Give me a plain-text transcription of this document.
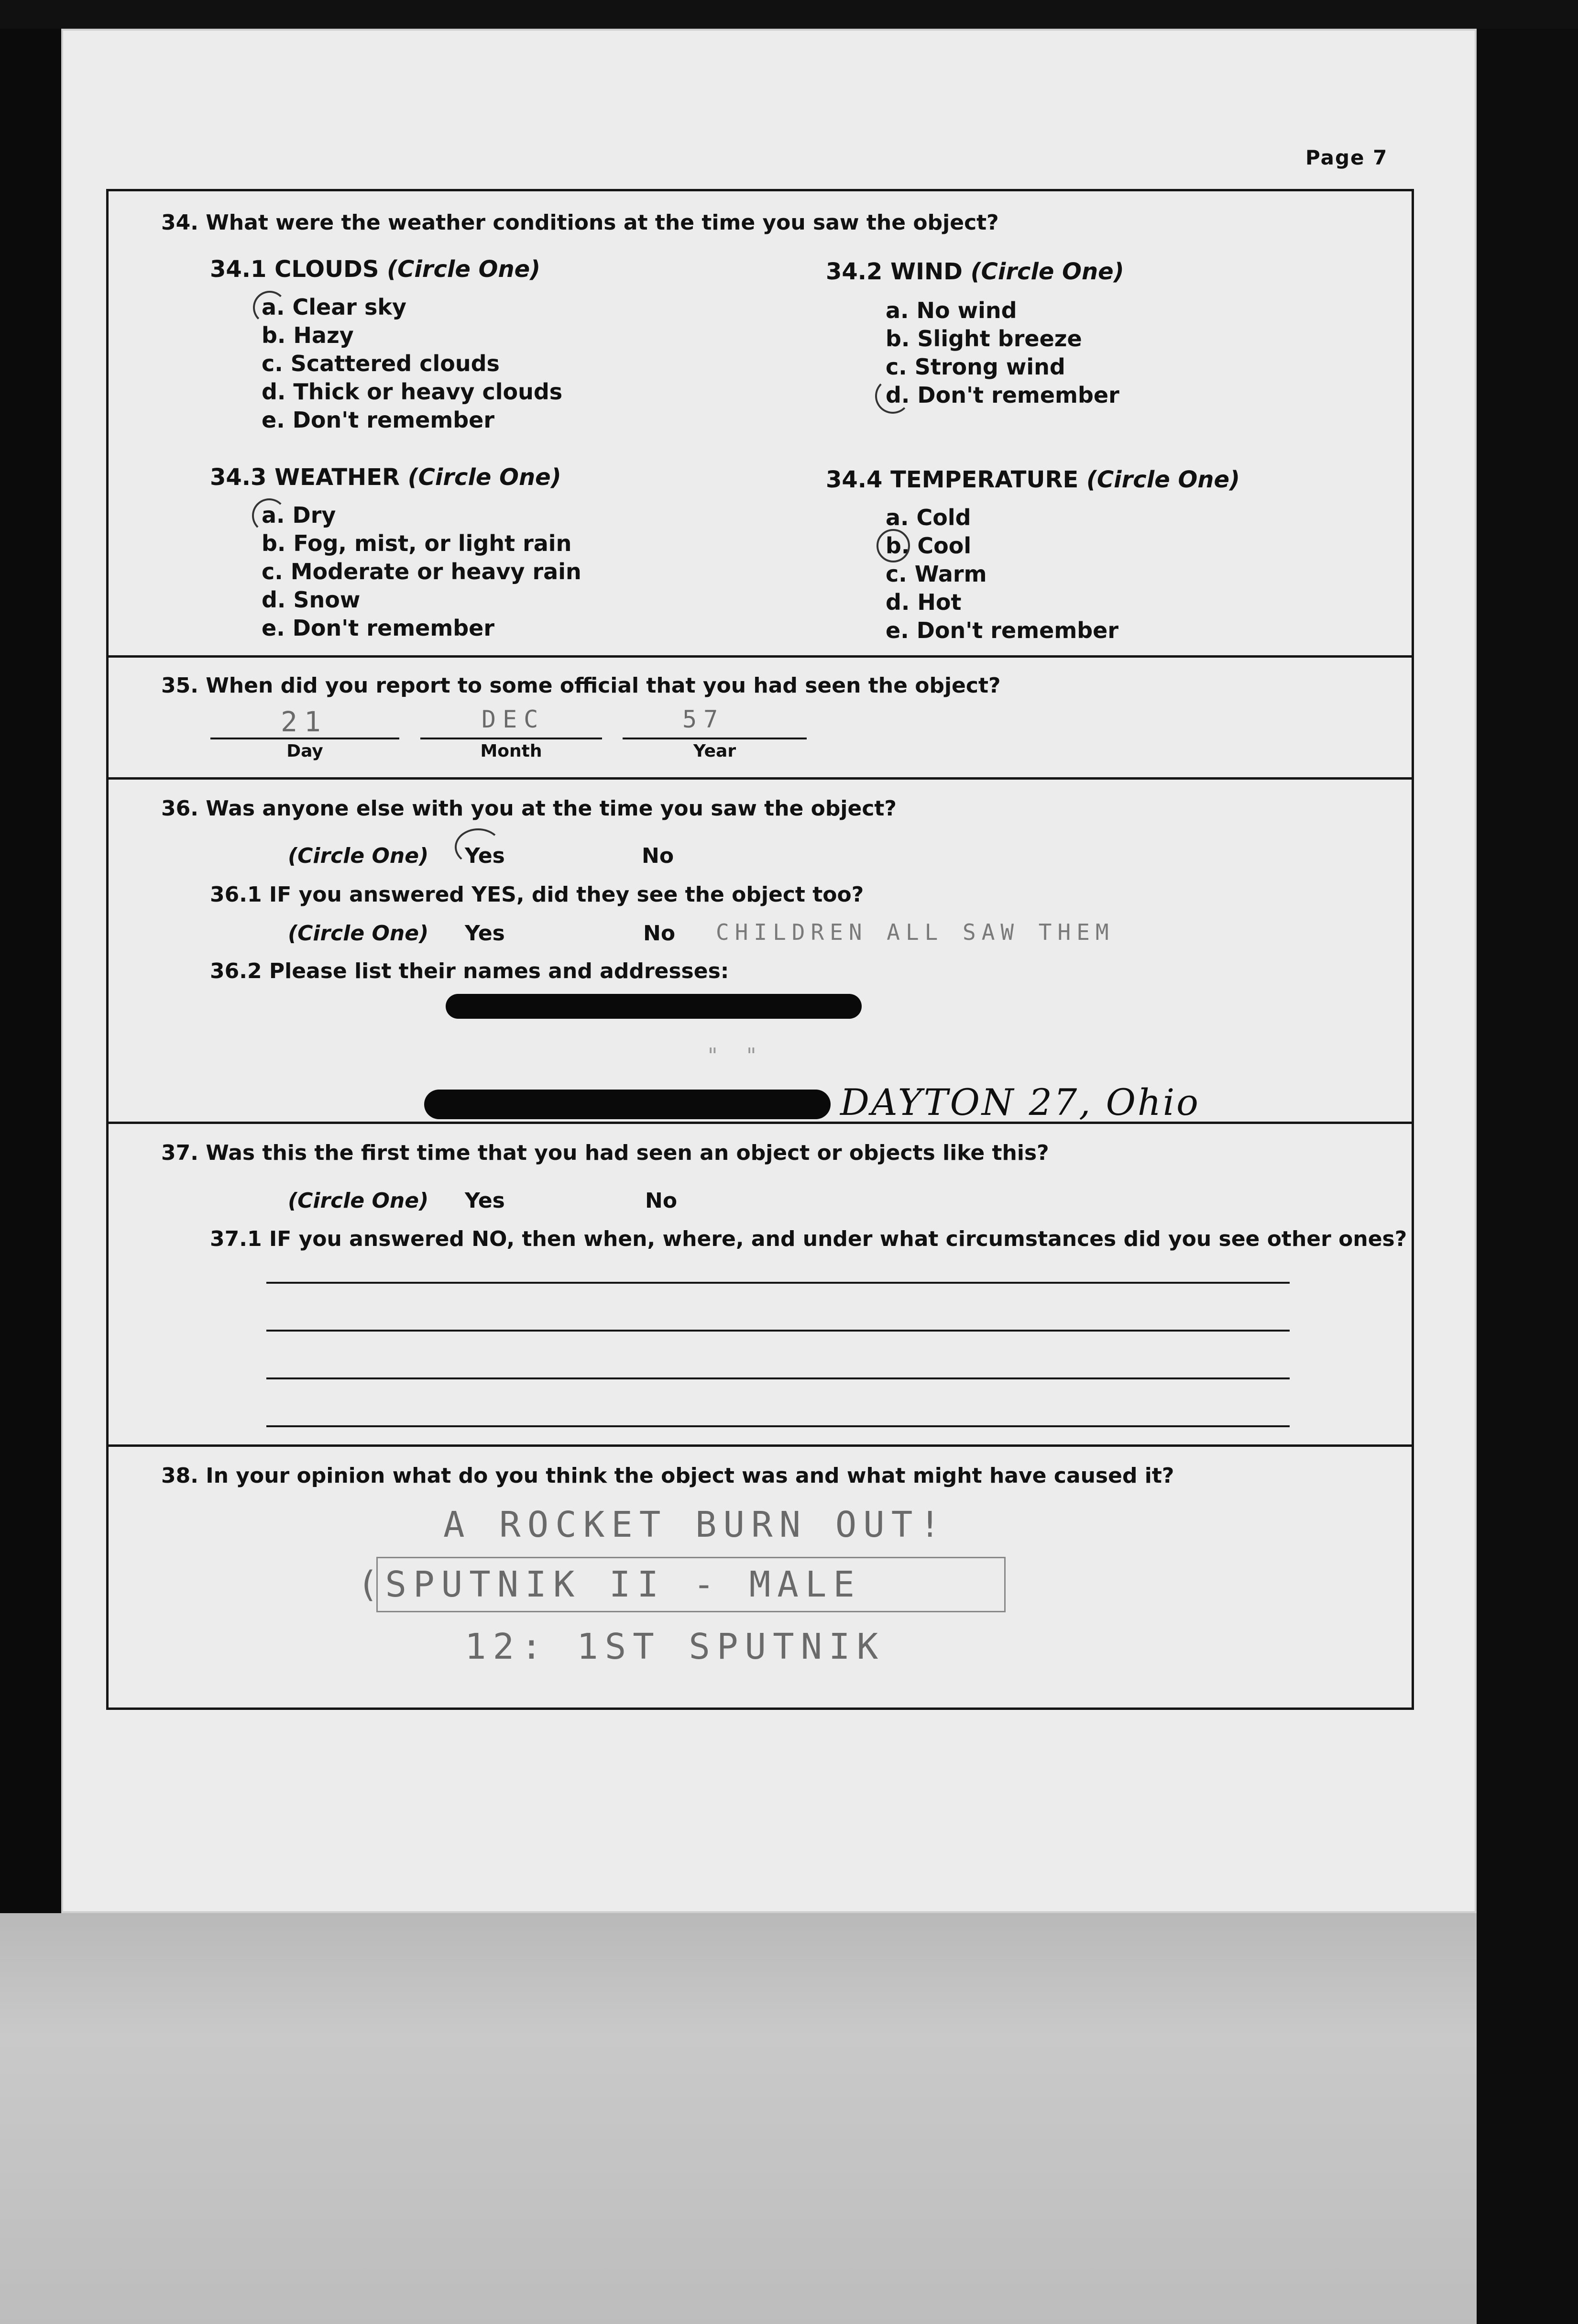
Page 7
34. What were the weather conditions at the time you saw the object?
34.1 CLOUDS (Circle One)
a. Clear sky
b. Hazy
c. Scattered clouds
d. Thick or heavy clouds
e. Don't remember
34.2 WIND (Circle One)
a. No wind
b. Slight breeze
c. Strong wind
d. Don't remember
34.3 WEATHER (Circle One)
a. Dry
b. Fog, mist, or light rain
c. Moderate or heavy rain
d. Snow
e. Don't remember
34.4 TEMPERATURE (Circle One)
a. Cold
b. Cool
c. Warm
d. Hot
e. Don't remember
35. When did you report to some official that you had seen the object?
21	DEC	57
Day	Month	Year
36. Was anyone else with you at the time you saw the object?
(Circle One) Yes	No
36.1 IF you answered YES, did they see the object too?
(Circle One) Yes	No CHILDREN ALL SAW THEM
36.2 Please list their names and addresses:
" "
DAYTON 27, Ohio
37. Was this the first time that you had seen an object or objects like this?
(Circle One) Yes	No
37.1 IF you answered NO, then when, where, and under what circumstances did you see other ones?
38. In your opinion what do you think the object was and what might have caused it?
A ROCKET BURN OUT!
(SPUTNIK II - MALE
12: 1ST SPUTNIK
